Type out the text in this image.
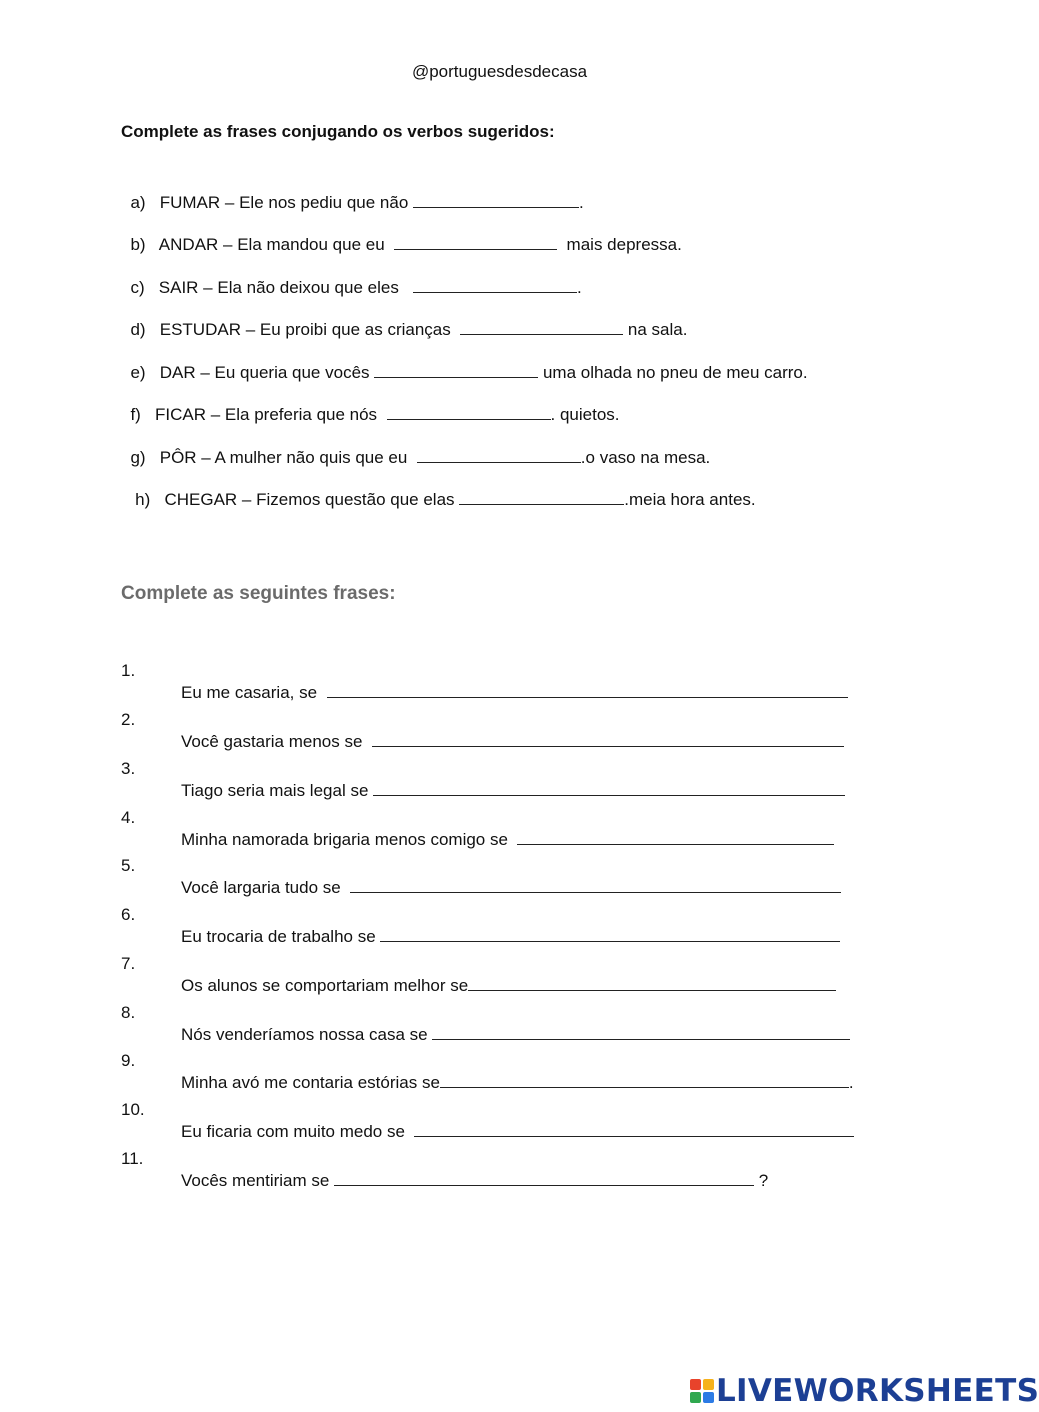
@portuguesdesdecasa
Complete as frases conjugando os verbos sugeridos:

a)   FUMAR – Ele nos pediu que não	.

b)   ANDAR – Ela mandou que eu	mais depressa.

c)   SAIR – Ela não deixou que eles	.

d)   ESTUDAR – Eu proibi que as crianças	na sala.

e)   DAR – Eu queria que vocês	uma olhada no pneu de meu carro.

f)   FICAR – Ela preferia que nós	. quietos.

g)   PÔR – A mulher não quis que eu	.o vaso na mesa.

h)   CHEGAR – Fizemos questão que elas	.meia hora antes.

Complete as seguintes frases:

1.

Eu me casaria, se

2.

Você gastaria menos se

3.

Tiago seria mais legal se

4.

Minha namorada brigaria menos comigo se

5.

Você largaria tudo se

6.

Eu trocaria de trabalho se

7.

Os alunos se comportariam melhor se

8.

Nós venderíamos nossa casa se

9.

Minha avó me contaria estórias se	.

10.

Eu ficaria com muito medo se

11.

Vocês mentiriam se	?

LIVEWORKSHEETS
